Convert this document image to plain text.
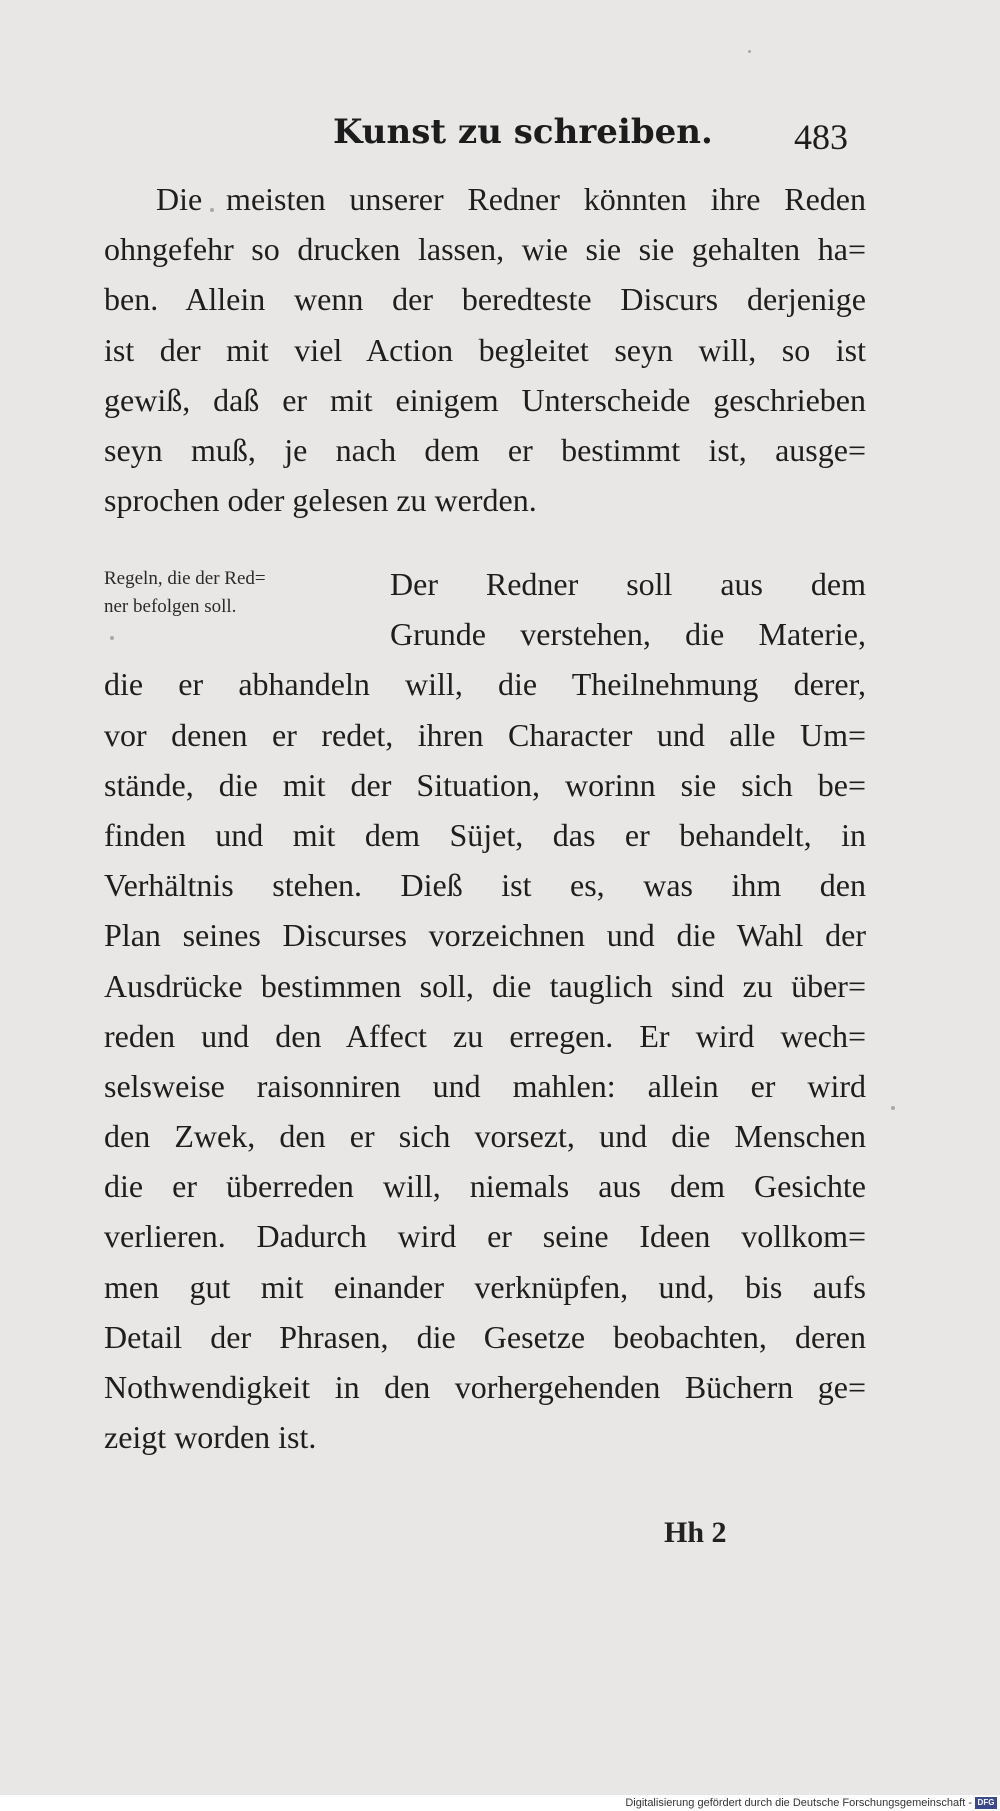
Kunst zu schreiben. 483
Die meisten unserer Redner könnten ihre Reden
ohngefehr so drucken lassen, wie sie sie gehalten ha=
ben. Allein wenn der beredteste Discurs derjenige
ist der mit viel Action begleitet seyn will, so ist
gewiß, daß er mit einigem Unterscheide geschrieben
seyn muß, je nach dem er bestimmt ist, ausge=
sprochen oder gelesen zu werden.
Regeln, die der Red=
ner befolgen soll.
Der Redner soll aus dem
Grunde verstehen, die Materie,
die er abhandeln will, die Theilnehmung derer,
vor denen er redet, ihren Character und alle Um=
stände, die mit der Situation, worinn sie sich be=
finden und mit dem Süjet, das er behandelt, in
Verhältnis stehen. Dieß ist es, was ihm den
Plan seines Discurses vorzeichnen und die Wahl der
Ausdrücke bestimmen soll, die tauglich sind zu über=
reden und den Affect zu erregen. Er wird wech=
selsweise raisonniren und mahlen: allein er wird
den Zwek, den er sich vorsezt, und die Menschen
die er überreden will, niemals aus dem Gesichte
verlieren. Dadurch wird er seine Ideen vollkom=
men gut mit einander verknüpfen, und, bis aufs
Detail der Phrasen, die Gesetze beobachten, deren
Nothwendigkeit in den vorhergehenden Büchern ge=
zeigt worden ist.
Hh 2
Digitalisierung gefördert durch die Deutsche Forschungsgemeinschaft - DFG
